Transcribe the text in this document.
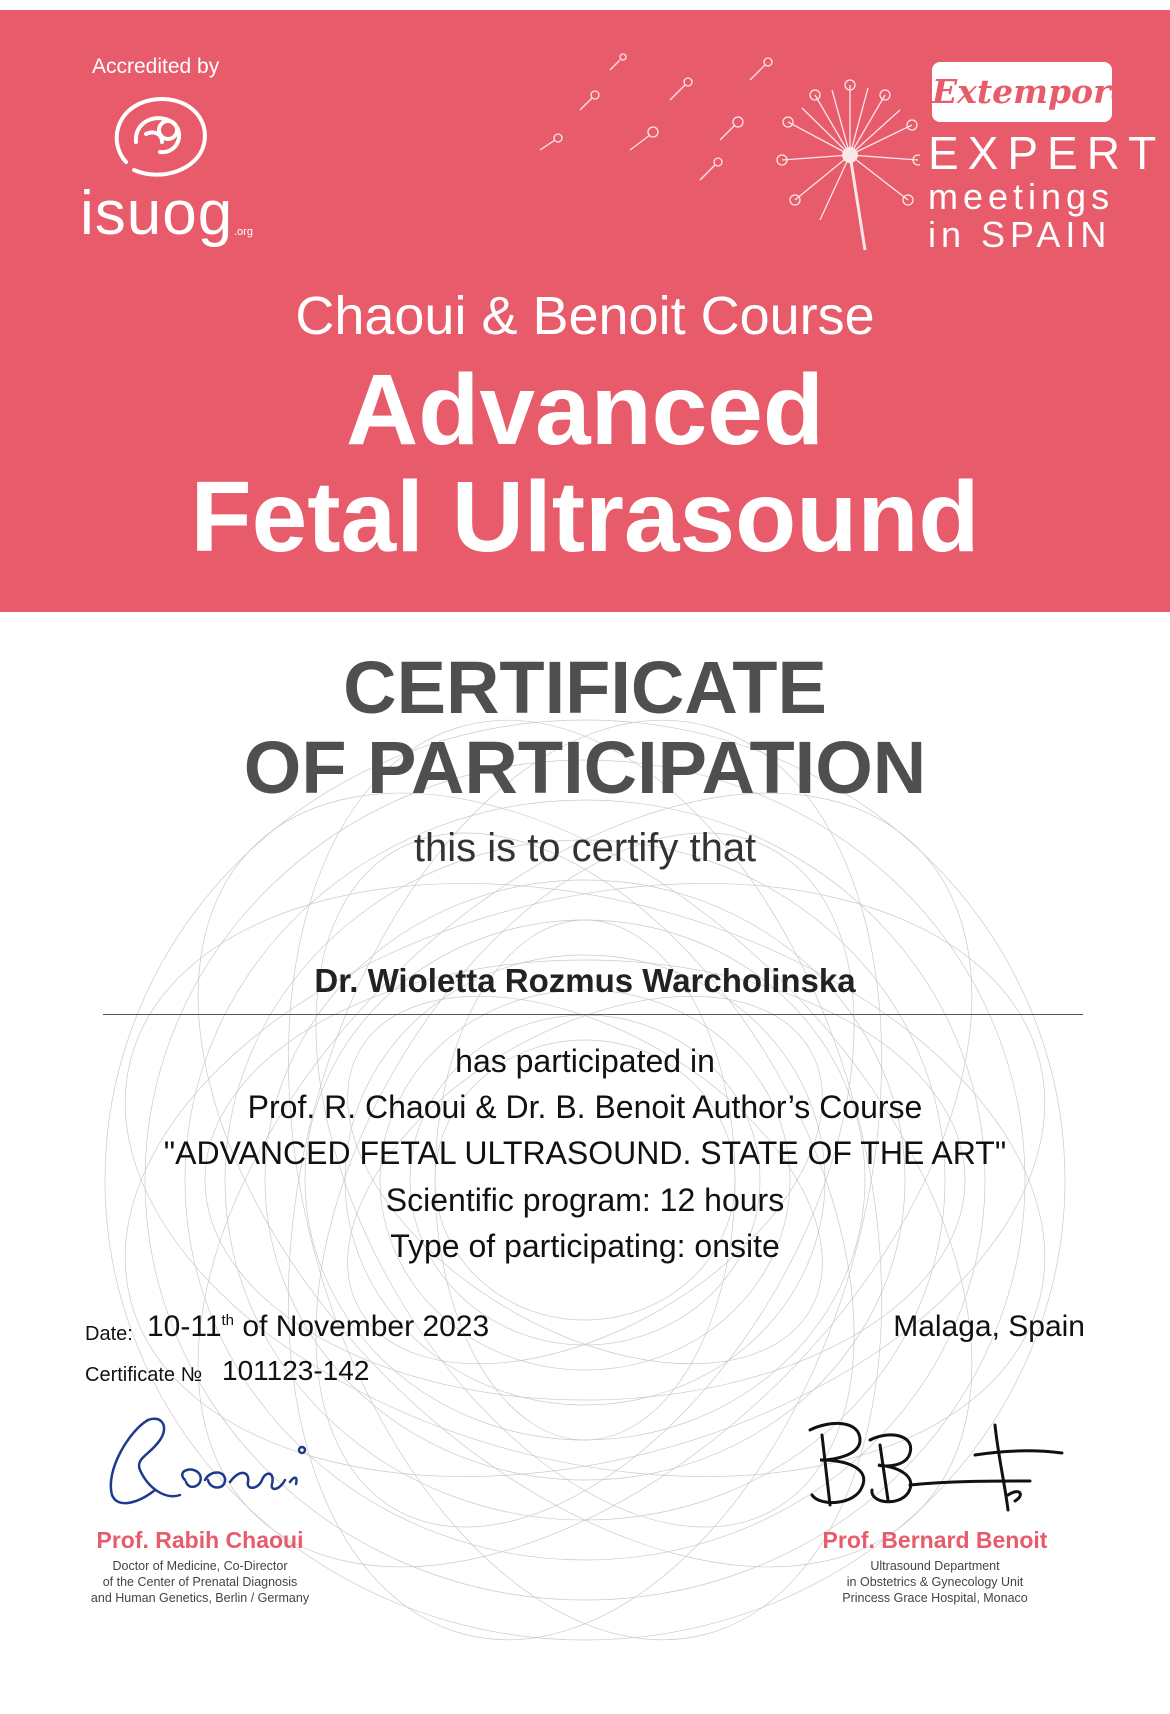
Accredited by
isuog .org
Extempore
EXPERT
meetings
in SPAIN
Chaoui & Benoit Course
Advanced
Fetal Ultrasound
CERTIFICATE
OF PARTICIPATION
this is to certify that
Dr. Wioletta Rozmus Warcholinska
has participated in
Prof. R. Chaoui & Dr. B. Benoit Author’s Course
"ADVANCED FETAL ULTRASOUND. STATE OF THE ART"
Scientific program: 12 hours
Type of participating: onsite
Date: 10-11th of November 2023	Malaga, Spain
Certificate № 101123-142
Prof. Rabih Chaoui
Doctor of Medicine, Co-Director
of the Center of Prenatal Diagnosis
and Human Genetics, Berlin / Germany
Prof. Bernard Benoit
Ultrasound Department
in Obstetrics & Gynecology Unit
Princess Grace Hospital, Monaco
